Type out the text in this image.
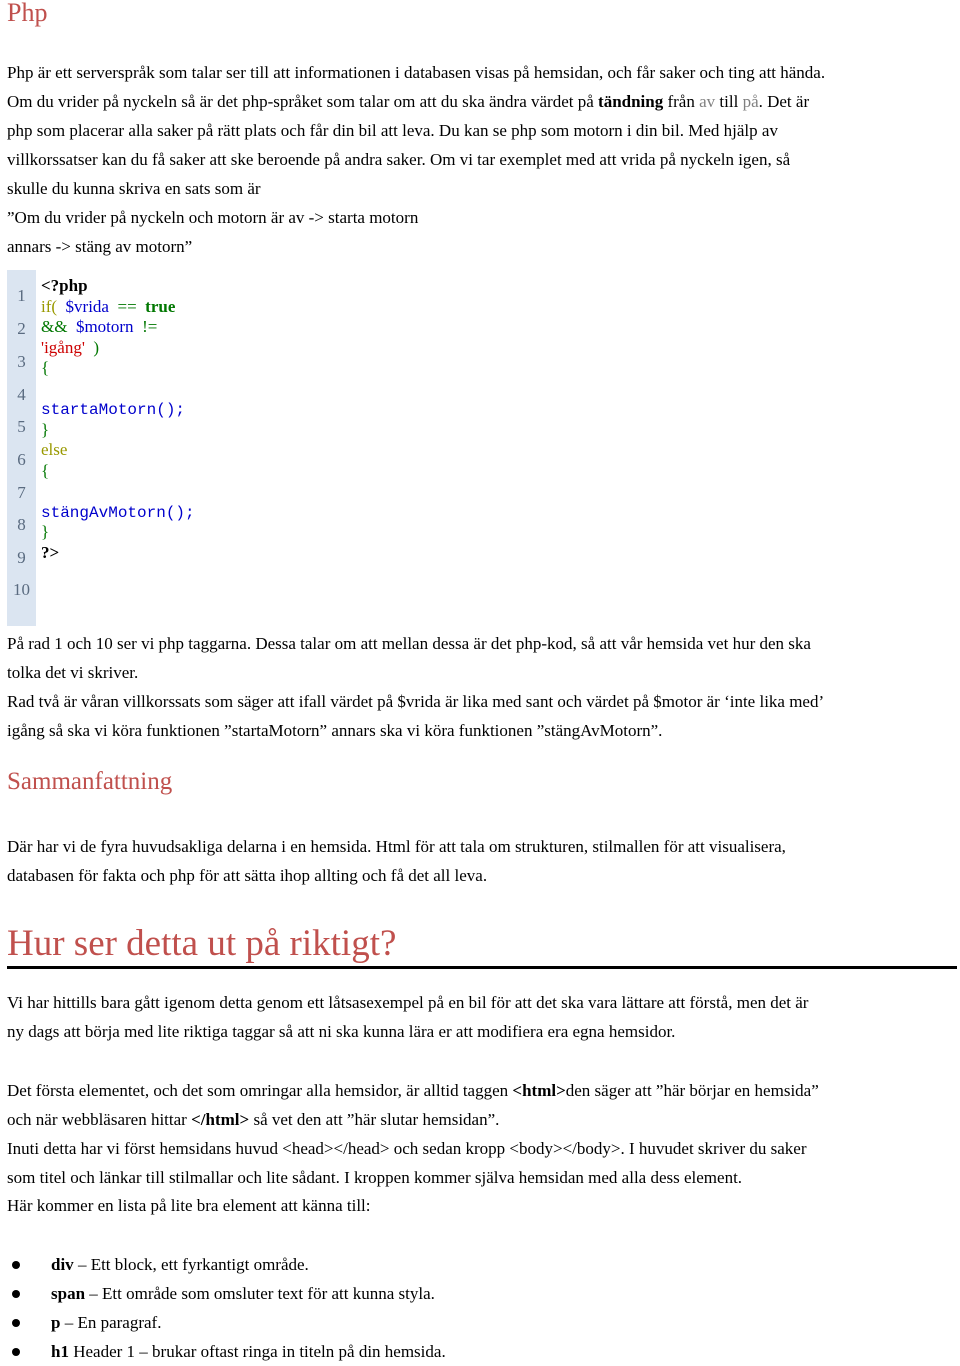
Php

Php är ett serverspråk som talar ser till att informationen i databasen visas på hemsidan, och får saker och ting att hända.

Om du vrider på nyckeln så är det php-språket som talar om att du ska ändra värdet på tändning från av till på. Det är

php som placerar alla saker på rätt plats och får din bil att leva. Du kan se php som motorn i din bil. Med hjälp av

villkorssatser kan du få saker att ske beroende på andra saker. Om vi tar exemplet med att vrida på nyckeln igen, så

skulle du kunna skriva en sats som är

”Om du vrider på nyckeln och motorn är av -> starta motorn

annars -> stäng av motorn”

1
2
3
4
5
6
7
8
9
10
<?php
if( $vrida == true
&& $motorn !=
'igång' )
{

startaMotorn();
}
else
{

stängAvMotorn();
}
?>

På rad 1 och 10 ser vi php taggarna. Dessa talar om att mellan dessa är det php-kod, så att vår hemsida vet hur den ska

tolka det vi skriver.

Rad två är våran villkorssats som säger att ifall värdet på $vrida är lika med sant och värdet på $motor är ‘inte lika med’

igång så ska vi köra funktionen ”startaMotorn” annars ska vi köra funktionen ”stängAvMotorn”.

Sammanfattning

Där har vi de fyra huvudsakliga delarna i en hemsida. Html för att tala om strukturen, stilmallen för att visualisera,

databasen för fakta och php för att sätta ihop allting och få det all leva.

Hur ser detta ut på riktigt?

Vi har hittills bara gått igenom detta genom ett låtsasexempel på en bil för att det ska vara lättare att förstå, men det är

ny dags att börja med lite riktiga taggar så att ni ska kunna lära er att modifiera era egna hemsidor.

Det första elementet, och det som omringar alla hemsidor, är alltid taggen <html>den säger att ”här börjar en hemsida”

och när webbläsaren hittar </html> så vet den att ”här slutar hemsidan”.

Inuti detta har vi först hemsidans huvud <head></head> och sedan kropp <body></body>. I huvudet skriver du saker

som titel och länkar till stilmallar och lite sådant. I kroppen kommer själva hemsidan med alla dess element.

Här kommer en lista på lite bra element att känna till:

div – Ett block, ett fyrkantigt område.
span – Ett område som omsluter text för att kunna styla.
p – En paragraf.
h1 Header 1 – brukar oftast ringa in titeln på din hemsida.
